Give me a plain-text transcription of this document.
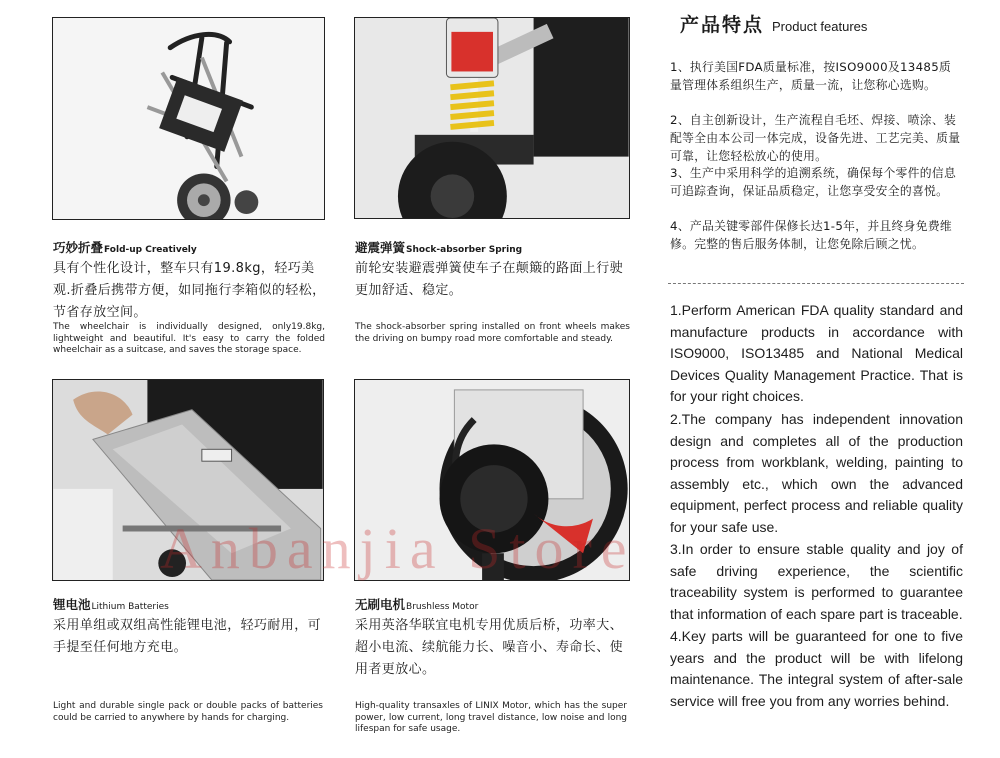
巧妙折叠Fold-up Creatively
具有个性化设计，整车只有19.8kg，轻巧美观.折叠后携带方便，如同拖行李箱似的轻松，节省存放空间。
The wheelchair is individually designed, only19.8kg, lightweight and beautiful. It's easy to carry the folded wheelchair as a suitcase, and saves the storage space.
避震弹簧Shock-absorber Spring
前轮安装避震弹簧使车子在颠簸的路面上行驶更加舒适、稳定。
The shock-absorber spring installed on front wheels makes the driving on bumpy road more comfortable and steady.
锂电池Lithium Batteries
采用单组或双组高性能锂电池，轻巧耐用，可手提至任何地方充电。
Light and durable single pack or double packs of batteries could be carried to anywhere by hands for charging.
无刷电机Brushless Motor
采用英洛华联宜电机专用优质后桥，功率大、超小电流、续航能力长、噪音小、寿命长、使用者更放心。
High-quality transaxles of LINIX Motor, which has the super power, low current, long travel distance, low noise and long lifespan for safe usage.
产品特点 Product features
1、执行美国FDA质量标准，按ISO9000及13485质量管理体系组织生产，质量一流，让您称心选购。
2、自主创新设计，生产流程自毛坯、焊接、喷涂、装配等全由本公司一体完成，设备先进、工艺完美、质量可靠，让您轻松放心的使用。
3、生产中采用科学的追溯系统，确保每个零件的信息可追踪查询，保证品质稳定，让您享受安全的喜悦。
4、产品关键零部件保修长达1-5年，并且终身免费维修。完整的售后服务体制，让您免除后顾之忧。
1.Perform American FDA quality standard and manufacture products in accordance with ISO9000, ISO13485 and National Medical Devices Quality Management Practice. That is for your right choices.
2.The company has independent innovation design and completes all of the production process from workblank, welding, painting to assembly etc., which own the advanced equipment, perfect process and reliable quality for your safe use.
3.In order to ensure stable quality and joy of safe driving experience, the scientific traceability system is performed to guarantee that information of each spare part is traceable.
4.Key parts will be guaranteed for one to five years and the product will be with lifelong maintenance. The integral system of after-sale service will free you from any worries behind.
Anbanjia Store
